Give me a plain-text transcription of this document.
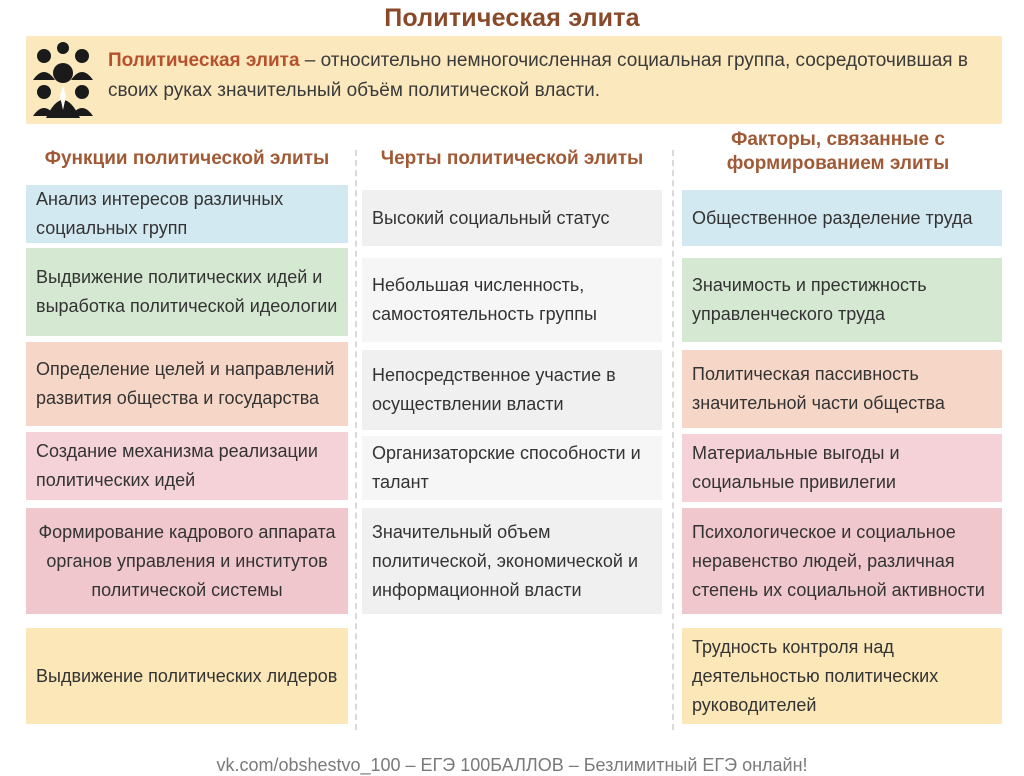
Политическая элита
Политическая элита – относительно немногочисленная социальная группа, сосредоточившая в своих руках значительный объём политической власти.
Функции политической элиты	Черты политической элиты
Факторы, связанные с формированием элиты
Анализ интересов различных социальных групп
Выдвижение политических идей и выработка политической идеологии
Определение целей и направлений развития общества и государства
Создание механизма реализации политических идей
Формирование кадрового аппарата органов управления и институтов политической системы
Выдвижение политических лидеров
Высокий социальный статус
Небольшая численность, самостоятельность группы
Непосредственное участие в осуществлении власти
Организаторские способности и талант
Значительный объем политической, экономической и информационной власти
Общественное разделение труда
Значимость и престижность управленческого труда
Политическая пассивность значительной части общества
Материальные выгоды и социальные привилегии
Психологическое и социальное неравенство людей, различная степень их социальной активности
Трудность контроля над деятельностью политических руководителей
vk.com/obshestvo_100 – ЕГЭ 100БАЛЛОВ – Безлимитный ЕГЭ онлайн!
